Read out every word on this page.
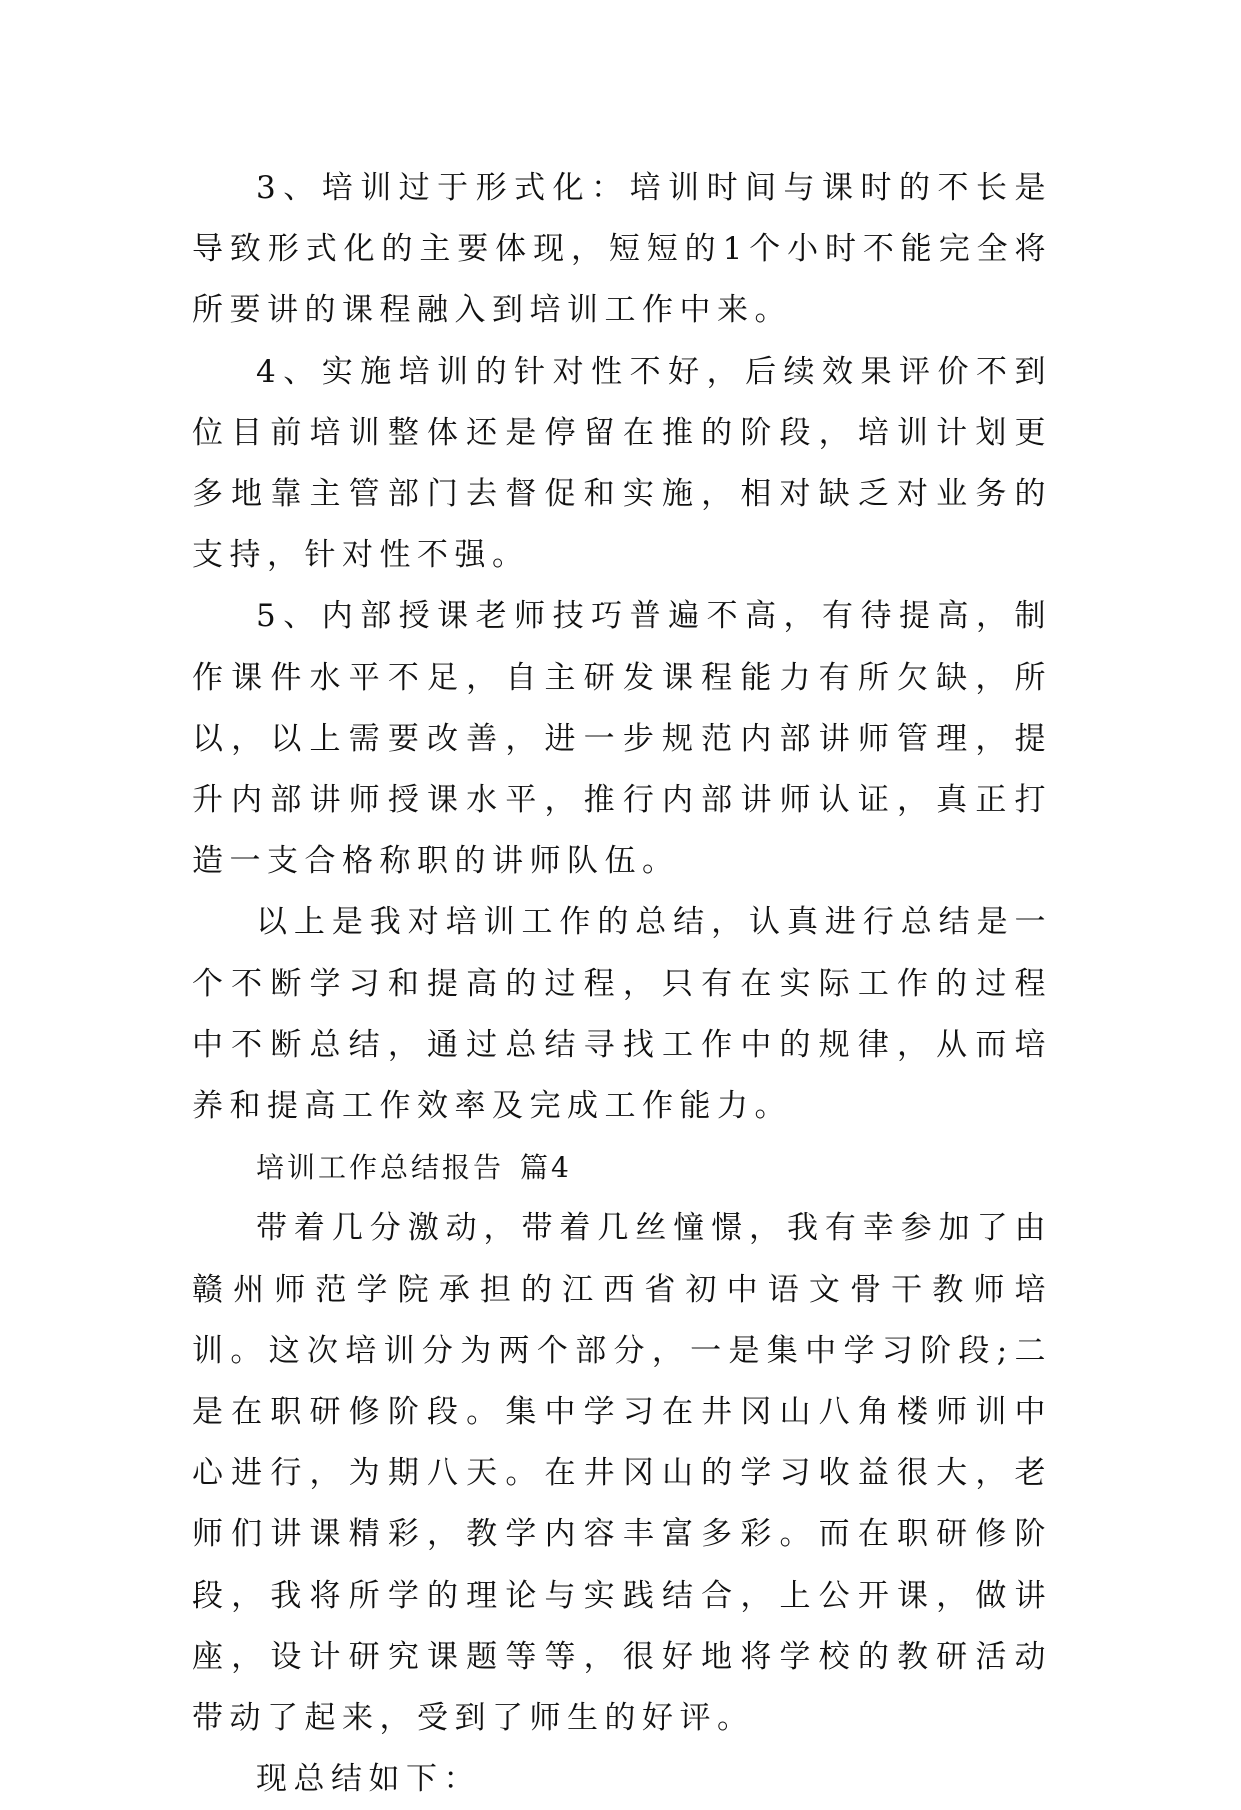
3、培训过于形式化：培训时间与课时的不长是导致形式化的主要体现，短短的1个小时不能完全将所要讲的课程融入到培训工作中来。

4、实施培训的针对性不好，后续效果评价不到位目前培训整体还是停留在推的阶段，培训计划更多地靠主管部门去督促和实施，相对缺乏对业务的支持，针对性不强。

5、内部授课老师技巧普遍不高，有待提高，制作课件水平不足，自主研发课程能力有所欠缺，所以，以上需要改善，进一步规范内部讲师管理，提升内部讲师授课水平，推行内部讲师认证，真正打造一支合格称职的讲师队伍。

以上是我对培训工作的总结，认真进行总结是一个不断学习和提高的过程，只有在实际工作的过程中不断总结，通过总结寻找工作中的规律，从而培养和提高工作效率及完成工作能力。

培训工作总结报告 篇4

带着几分激动，带着几丝憧憬，我有幸参加了由赣州师范学院承担的江西省初中语文骨干教师培训。这次培训分为两个部分，一是集中学习阶段;二是在职研修阶段。集中学习在井冈山八角楼师训中心进行，为期八天。在井冈山的学习收益很大，老师们讲课精彩，教学内容丰富多彩。而在职研修阶段，我将所学的理论与实践结合，上公开课，做讲座，设计研究课题等等，很好地将学校的教研活动带动了起来，受到了师生的好评。

现总结如下：
